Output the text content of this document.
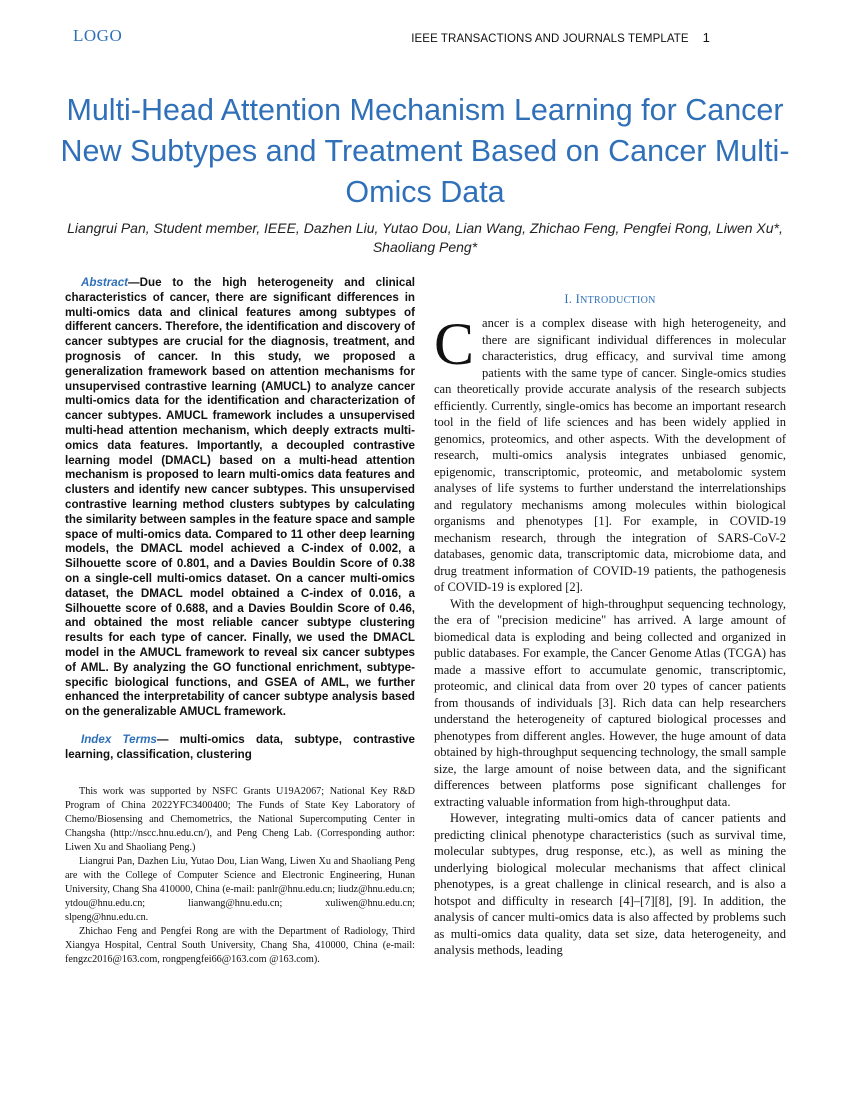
LOGO	IEEE TRANSACTIONS AND JOURNALS TEMPLATE 1
Multi-Head Attention Mechanism Learning for Cancer New Subtypes and Treatment Based on Cancer Multi-Omics Data
Liangrui Pan, Student member, IEEE, Dazhen Liu, Yutao Dou, Lian Wang, Zhichao Feng, Pengfei Rong, Liwen Xu*, Shaoliang Peng*

Abstract—Due to the high heterogeneity and clinical characteristics of cancer, there are significant differences in multi-omics data and clinical features among subtypes of different cancers. Therefore, the identification and discovery of cancer subtypes are crucial for the diagnosis, treatment, and prognosis of cancer. In this study, we proposed a generalization framework based on attention mechanisms for unsupervised contrastive learning (AMUCL) to analyze cancer multi-omics data for the identification and characterization of cancer subtypes. AMUCL framework includes a unsupervised multi-head attention mechanism, which deeply extracts multi-omics data features. Importantly, a decoupled contrastive learning model (DMACL) based on a multi-head attention mechanism is proposed to learn multi-omics data features and clusters and identify new cancer subtypes. This unsupervised contrastive learning method clusters subtypes by calculating the similarity between samples in the feature space and sample space of multi-omics data. Compared to 11 other deep learning models, the DMACL model achieved a C-index of 0.002, a Silhouette score of 0.801, and a Davies Bouldin Score of 0.38 on a single-cell multi-omics dataset. On a cancer multi-omics dataset, the DMACL model obtained a C-index of 0.016, a Silhouette score of 0.688, and a Davies Bouldin Score of 0.46, and obtained the most reliable cancer subtype clustering results for each type of cancer. Finally, we used the DMACL model in the AMUCL framework to reveal six cancer subtypes of AML. By analyzing the GO functional enrichment, subtype-specific biological functions, and GSEA of AML, we further enhanced the interpretability of cancer subtype analysis based on the generalizable AMUCL framework.

Index Terms— multi-omics data, subtype, contrastive learning, classification, clustering

This work was supported by NSFC Grants U19A2067; National Key R&D Program of China 2022YFC3400400; The Funds of State Key Laboratory of Chemo/Biosensing and Chemometrics, the National Supercomputing Center in Changsha (http://nscc.hnu.edu.cn/), and Peng Cheng Lab. (Corresponding author: Liwen Xu and Shaoliang Peng.)

Liangrui Pan, Dazhen Liu, Yutao Dou, Lian Wang, Liwen Xu and Shaoliang Peng are with the College of Computer Science and Electronic Engineering, Hunan University, Chang Sha 410000, China (e-mail: panlr@hnu.edu.cn; liudz@hnu.edu.cn; ytdou@hnu.edu.cn; lianwang@hnu.edu.cn; xuliwen@hnu.edu.cn; slpeng@hnu.edu.cn.

Zhichao Feng and Pengfei Rong are with the Department of Radiology, Third Xiangya Hospital, Central South University, Chang Sha, 410000, China (e-mail: fengzc2016@163.com, rongpengfei66@163.com @163.com).

I. INTRODUCTION

Cancer is a complex disease with high heterogeneity, and there are significant individual differences in molecular characteristics, drug efficacy, and survival time among patients with the same type of cancer. Single-omics studies can theoretically provide accurate analysis of the research subjects efficiently. Currently, single-omics has become an important research tool in the field of life sciences and has been widely applied in genomics, proteomics, and other aspects. With the development of research, multi-omics analysis integrates unbiased genomic, epigenomic, transcriptomic, proteomic, and metabolomic system analyses of life systems to further understand the interrelationships and regulatory mechanisms among molecules within biological organisms and phenotypes [1]. For example, in COVID-19 mechanism research, through the integration of SARS-CoV-2 databases, genomic data, transcriptomic data, microbiome data, and drug treatment information of COVID-19 patients, the pathogenesis of COVID-19 is explored [2].

With the development of high-throughput sequencing technology, the era of "precision medicine" has arrived. A large amount of biomedical data is exploding and being collected and organized in public databases. For example, the Cancer Genome Atlas (TCGA) has made a massive effort to accumulate genomic, transcriptomic, proteomic, and clinical data from over 20 types of cancer patients from thousands of individuals [3]. Rich data can help researchers understand the heterogeneity of captured biological processes and phenotypes from different angles. However, the huge amount of data obtained by high-throughput sequencing technology, the small sample size, the large amount of noise between data, and the significant differences between platforms pose significant challenges for extracting valuable information from high-throughput data.

However, integrating multi-omics data of cancer patients and predicting clinical phenotype characteristics (such as survival time, molecular subtypes, drug response, etc.), as well as mining the underlying biological molecular mechanisms that affect clinical phenotypes, is a great challenge in clinical research, and is also a hotspot and difficulty in research [4]–[7][8], [9]. In addition, the analysis of cancer multi-omics data is also affected by problems such as multi-omics data quality, data set size, data heterogeneity, and analysis methods, leading
